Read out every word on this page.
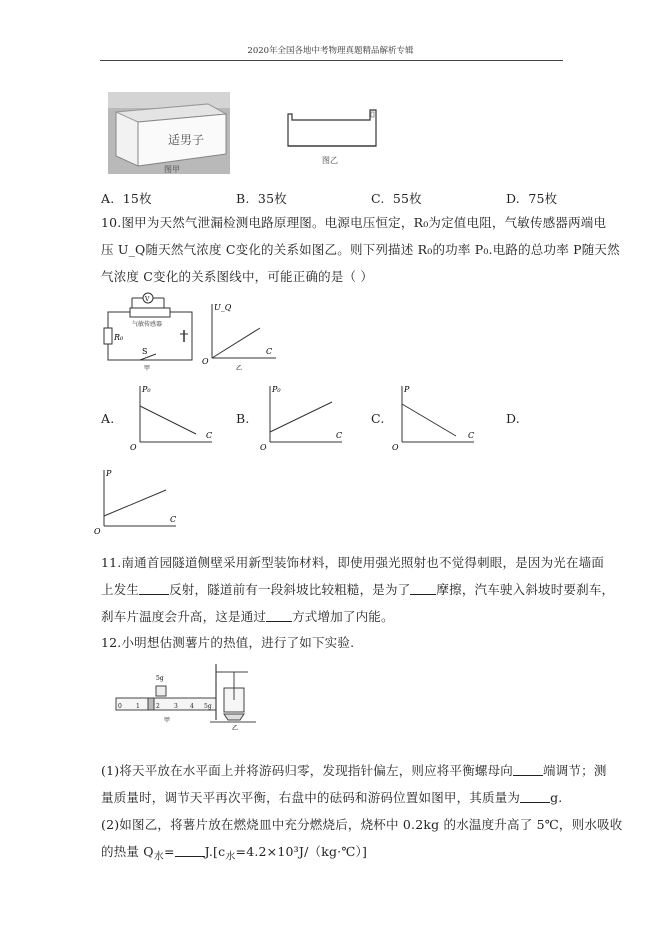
2020年全国各地中考物理真题精品解析专辑
适男子
图甲
图乙
A. 15枚	B. 35枚	C. 55枚	D. 75枚
10.图甲为天然气泄漏检测电路原理图。电源电压恒定，R₀为定值电阻，气敏传感器两端电
压 U_Q随天然气浓度 C变化的关系如图乙。则下列描述 R₀的功率 P₀.电路的总功率 P随天然
气浓度 C变化的关系图线中，可能正确的是（ ）
V
气敏传感器
R₀
S
甲
U_Q
C
O
乙
A.
P₀
C
O
B.
P₀
C
O
C.
P
C
O
D.
P
C
O
11.南通首园隧道侧壁采用新型装饰材料，即使用强光照射也不觉得刺眼，是因为光在墙面
上发生 反射，隧道前有一段斜坡比较粗糙，是为了 摩擦，汽车驶入斜坡时要刹车，
刹车片温度会升高，这是通过 方式增加了内能。
12.小明想估测薯片的热值，进行了如下实验.
5g
0 1	2 3 4 5g
甲
乙
(1)将天平放在水平面上并将游码归零，发现指针偏左，则应将平衡螺母向 端调节；测
量质量时，调节天平再次平衡，右盘中的砝码和游码位置如图甲，其质量为 g.
(2)如图乙，将薯片放在燃烧皿中充分燃烧后，烧杯中 0.2kg 的水温度升高了 5℃，则水吸收
的热量 $Q_水=$ $J.[c_水=4.2\times 10^3J/(kg\cdot℃)]$
